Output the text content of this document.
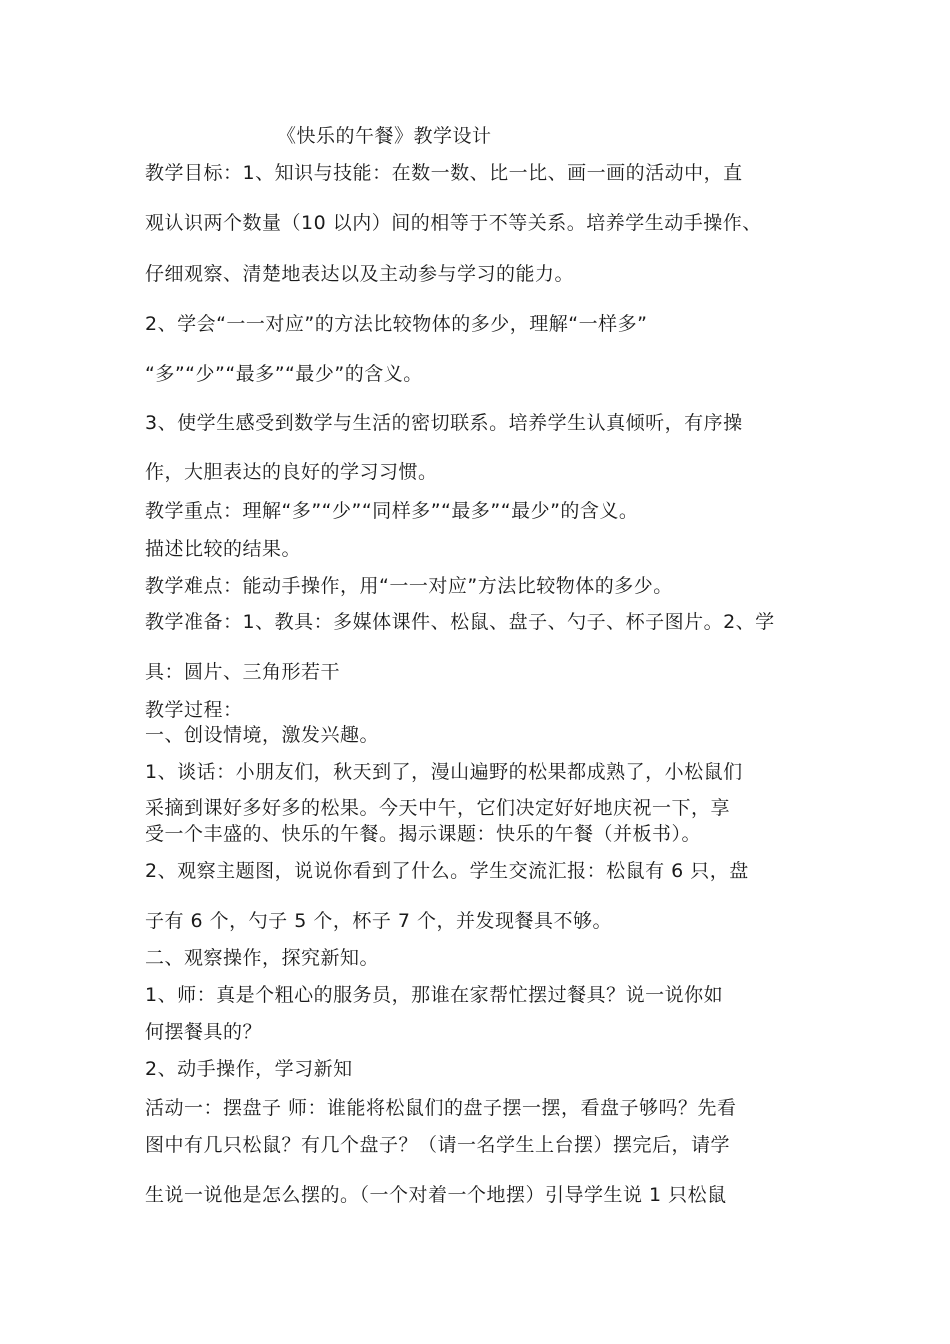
《快乐的午餐》教学设计
教学目标：1、知识与技能：在数一数、比一比、画一画的活动中，直
观认识两个数量（10 以内）间的相等于不等关系。培养学生动手操作、
仔细观察、清楚地表达以及主动参与学习的能力。
2、学会“一一对应”的方法比较物体的多少，理解“一样多”
“多”“少”“最多”“最少”的含义。
3、使学生感受到数学与生活的密切联系。培养学生认真倾听，有序操
作，大胆表达的良好的学习习惯。
教学重点：理解“多”“少”“同样多”“最多”“最少”的含义。
描述比较的结果。
教学难点：能动手操作，用“一一对应”方法比较物体的多少。
教学准备：1、教具：多媒体课件、松鼠、盘子、勺子、杯子图片。2、学
具：圆片、三角形若干
教学过程：
一、创设情境，激发兴趣。
1、谈话：小朋友们，秋天到了，漫山遍野的松果都成熟了，小松鼠们
采摘到课好多好多的松果。今天中午，它们决定好好地庆祝一下，享
受一个丰盛的、快乐的午餐。揭示课题：快乐的午餐（并板书）。
2、观察主题图，说说你看到了什么。学生交流汇报：松鼠有 6 只，盘
子有 6 个，勺子 5 个，杯子 7 个，并发现餐具不够。
二、观察操作，探究新知。
1、师：真是个粗心的服务员，那谁在家帮忙摆过餐具？说一说你如
何摆餐具的？
2、动手操作，学习新知
活动一：摆盘子 师：谁能将松鼠们的盘子摆一摆，看盘子够吗？先看
图中有几只松鼠？有几个盘子？（请一名学生上台摆）摆完后，请学
生说一说他是怎么摆的。（一个对着一个地摆）引导学生说 1 只松鼠
